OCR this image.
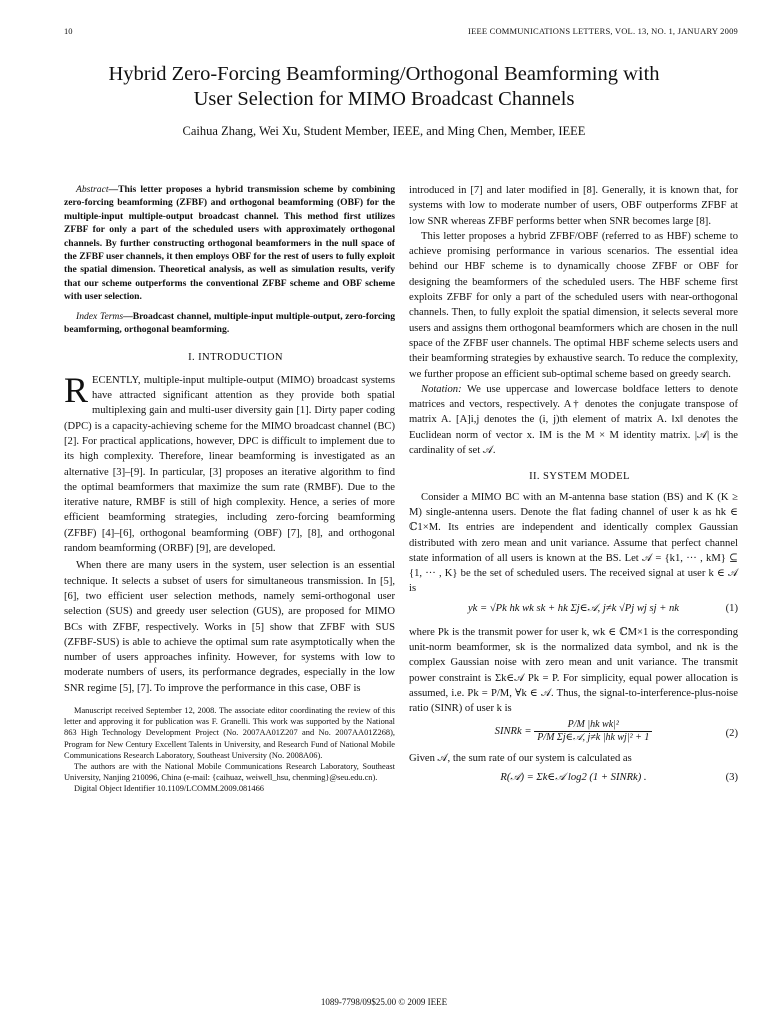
10	IEEE COMMUNICATIONS LETTERS, VOL. 13, NO. 1, JANUARY 2009
Hybrid Zero-Forcing Beamforming/Orthogonal Beamforming with
User Selection for MIMO Broadcast Channels
Caihua Zhang, Wei Xu, Student Member, IEEE, and Ming Chen, Member, IEEE

Abstract—This letter proposes a hybrid transmission scheme by combining zero-forcing beamforming (ZFBF) and orthogonal beamforming (OBF) for the multiple-input multiple-output broadcast channel. This method first utilizes ZFBF for only a part of the scheduled users with approximately orthogonal channels. By further constructing orthogonal beamformers in the null space of the ZFBF user channels, it then employs OBF for the rest of users to fully exploit the spatial dimension. Theoretical analysis, as well as simulation results, verify that our scheme outperforms the conventional ZFBF scheme and OBF scheme with user selection.

Index Terms—Broadcast channel, multiple-input multiple-output, zero-forcing beamforming, orthogonal beamforming.

I. INTRODUCTION

RECENTLY, multiple-input multiple-output (MIMO) broadcast systems have attracted significant attention as they provide both spatial multiplexing gain and multi-user diversity gain [1]. Dirty paper coding (DPC) is a capacity-achieving scheme for the MIMO broadcast channel (BC) [2]. For practical applications, however, DPC is difficult to implement due to its high complexity. Therefore, linear beamforming is investigated as an alternative [3]–[9]. In particular, [3] proposes an iterative algorithm to find the optimal beamformers that maximize the sum rate (RMBF). Due to the iterative nature, RMBF is still of high complexity. Hence, a series of more efficient beamforming strategies, including zero-forcing beamforming (ZFBF) [4]–[6], orthogonal beamforming (OBF) [7], [8], and orthogonal random beamforming (ORBF) [9], are developed.

When there are many users in the system, user selection is an essential technique. It selects a subset of users for simultaneous transmission. In [5], [6], two efficient user selection methods, namely semi-orthogonal user selection (SUS) and greedy user selection (GUS), are proposed for MIMO BCs with ZFBF, respectively. Works in [5] show that ZFBF with SUS (ZFBF-SUS) is able to achieve the optimal sum rate asymptotically when the number of users approaches infinity. However, for systems with low to moderate numbers of users, its performance degrades, especially in the low SNR regime [5], [7]. To improve the performance in this case, OBF is

Manuscript received September 12, 2008. The associate editor coordinating the review of this letter and approving it for publication was F. Granelli. This work was supported by the National 863 High Technology Development Project (No. 2007AA01Z207 and No. 2007AA01Z268), Program for New Century Excellent Talents in University, and Research Fund of National Mobile Communications Research Laboratory, Southeast University (No. 2008A06).

The authors are with the National Mobile Communications Research Laboratory, Southeast University, Nanjing 210096, China (e-mail: {caihuaz, weiwell_hsu, chenming}@seu.edu.cn).

Digital Object Identifier 10.1109/LCOMM.2009.081466

introduced in [7] and later modified in [8]. Generally, it is known that, for systems with low to moderate number of users, OBF outperforms ZFBF at low SNR whereas ZFBF performs better when SNR becomes large [8].

This letter proposes a hybrid ZFBF/OBF (referred to as HBF) scheme to achieve promising performance in various scenarios. The essential idea behind our HBF scheme is to dynamically choose ZFBF or OBF for designing the beamformers of the scheduled users. The HBF scheme first exploits ZFBF for only a part of the scheduled users with near-orthogonal channels. Then, to fully exploit the spatial dimension, it selects several more users and assigns them orthogonal beamformers which are chosen in the null space of the ZFBF user channels. The optimal HBF scheme selects users and their beamforming strategies by exhaustive search. To reduce the complexity, we further propose an efficient sub-optimal scheme based on greedy search.

Notation: We use uppercase and lowercase boldface letters to denote matrices and vectors, respectively. A† denotes the conjugate transpose of matrix A. [A]i,j denotes the (i, j)th element of matrix A. ‖x‖ denotes the Euclidean norm of vector x. IM is the M × M identity matrix. |𝒜| is the cardinality of set 𝒜.

II. SYSTEM MODEL

Consider a MIMO BC with an M-antenna base station (BS) and K (K ≥ M) single-antenna users. Denote the flat fading channel of user k as hk ∈ ℂ1×M. Its entries are independent and identically complex Gaussian distributed with zero mean and unit variance. Assume that perfect channel state information of all users is known at the BS. Let 𝒜 = {k1, ··· , kM} ⊆ {1, ··· , K} be the set of scheduled users. The received signal at user k ∈ 𝒜 is

yk = √Pk hk wk sk + hk Σj∈𝒜, j≠k √Pj wj sj + nk	(1)

where Pk is the transmit power for user k, wk ∈ ℂM×1 is the corresponding unit-norm beamformer, sk is the normalized data symbol, and nk is the complex Gaussian noise with zero mean and unit variance. The transmit power constraint is Σk∈𝒜 Pk = P. For simplicity, equal power allocation is assumed, i.e. Pk = P/M, ∀k ∈ 𝒜. Thus, the signal-to-interference-plus-noise ratio (SINR) of user k is

SINRk = $\frac{\text{P/M |hk wk|²}}{\text{P/M Σj∈𝒜, j≠k |hk wj|² + 1}}$	(2)

Given 𝒜, the sum rate of our system is calculated as

R(𝒜) = Σk∈𝒜 log2 (1 + SINRk) .	(3)
1089-7798/09$25.00 © 2009 IEEE
